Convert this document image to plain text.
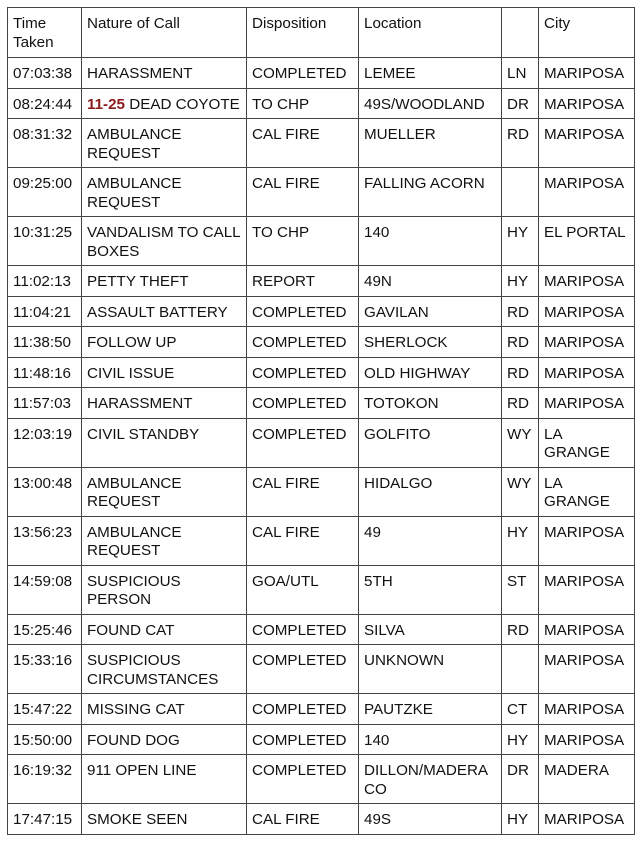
Time Taken	Nature of Call	Disposition	Location		City
07:03:38	HARASSMENT	COMPLETED	LEMEE	LN	MARIPOSA
08:24:44	11-25 DEAD COYOTE	TO CHP	49S/WOODLAND	DR	MARIPOSA
08:31:32	AMBULANCE REQUEST	CAL FIRE	MUELLER	RD	MARIPOSA
09:25:00	AMBULANCE REQUEST	CAL FIRE	FALLING ACORN		MARIPOSA
10:31:25	VANDALISM TO CALL BOXES	TO CHP	140	HY	EL PORTAL
11:02:13	PETTY THEFT	REPORT	49N	HY	MARIPOSA
11:04:21	ASSAULT BATTERY	COMPLETED	GAVILAN	RD	MARIPOSA
11:38:50	FOLLOW UP	COMPLETED	SHERLOCK	RD	MARIPOSA
11:48:16	CIVIL ISSUE	COMPLETED	OLD HIGHWAY	RD	MARIPOSA
11:57:03	HARASSMENT	COMPLETED	TOTOKON	RD	MARIPOSA
12:03:19	CIVIL STANDBY	COMPLETED	GOLFITO	WY	LA GRANGE
13:00:48	AMBULANCE REQUEST	CAL FIRE	HIDALGO	WY	LA GRANGE
13:56:23	AMBULANCE REQUEST	CAL FIRE	49	HY	MARIPOSA
14:59:08	SUSPICIOUS PERSON	GOA/UTL	5TH	ST	MARIPOSA
15:25:46	FOUND CAT	COMPLETED	SILVA	RD	MARIPOSA
15:33:16	SUSPICIOUS CIRCUMSTANCES	COMPLETED	UNKNOWN		MARIPOSA
15:47:22	MISSING CAT	COMPLETED	PAUTZKE	CT	MARIPOSA
15:50:00	FOUND DOG	COMPLETED	140	HY	MARIPOSA
16:19:32	911 OPEN LINE	COMPLETED	DILLON/MADERA CO	DR	MADERA
17:47:15	SMOKE SEEN	CAL FIRE	49S	HY	MARIPOSA
